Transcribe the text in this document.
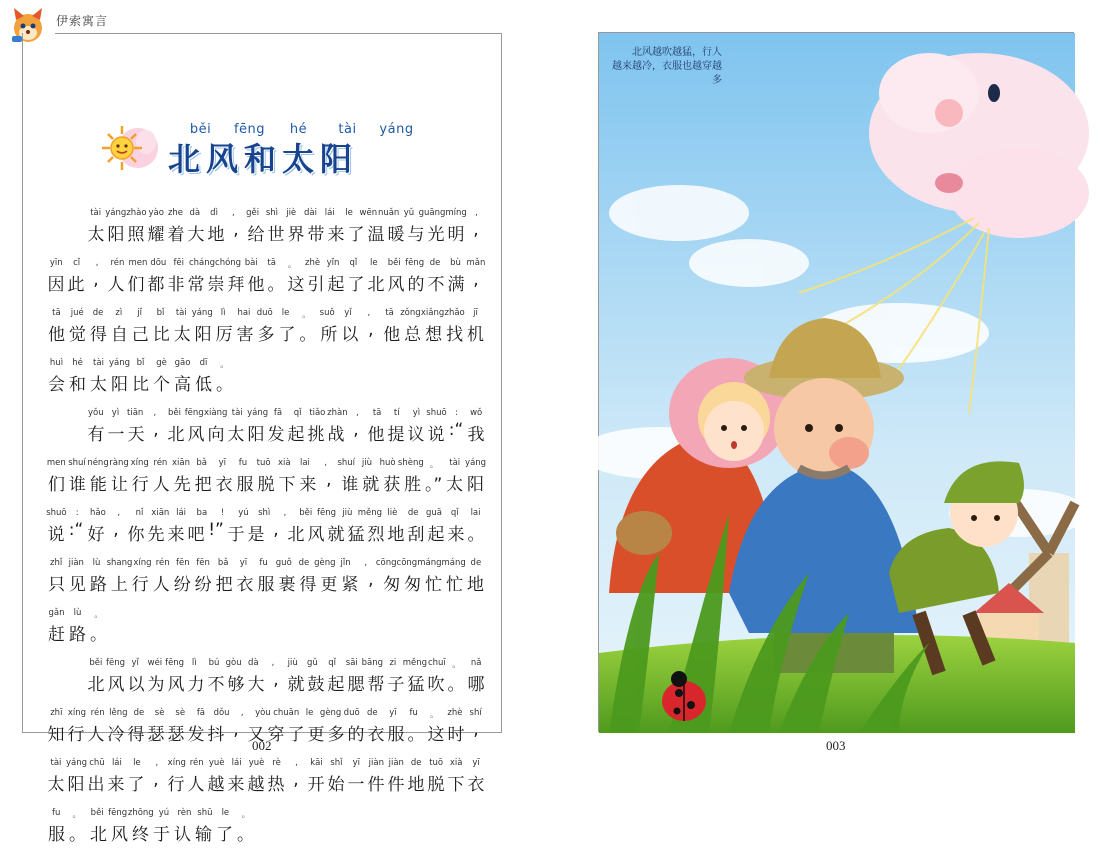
伊索寓言
běi	fēng	hé	tài	yáng
北风和太阳
tài yáng zhào yào zhe dà	dì	,	gěi shì jiè dài lái	le wēn nuǎn yǔ guāng míng ,
太 阳 照 耀 着 大 地 , 给 世 界 带 来 了 温 暖 与 光 明 ,
yīn	cǐ	,	rén men dōu fēi cháng chóng bài	tā	。	zhè yǐn	qǐ	le	běi fēng de	bù mǎn
因 此 , 人 们 都 非 常 崇 拜 他 。 这 引 起 了 北 风 的 不 满 ,
tā	jué	de	zì	jǐ	bǐ	tài yáng lì	hai duō	le	。	suǒ	yǐ	,	tā zǒng xiǎng zhǎo jī
他 觉 得 自 己 比 太 阳 厉 害 多 了 。 所 以 , 他 总 想 找 机
huì	hé	tài yáng bǐ	gè gāo	dī	。
会 和 太 阳 比 个 高 低 。
yǒu yì tiān	,	běi fēng xiàng tài yáng fā	qǐ tiǎo zhàn ,	tā	tí	yì shuō :	wǒ
有 一 天 , 北 风 向 太 阳 发 起 挑 战 , 他 提 议 说 :“ 我
men shuí néng ràng xíng rén xiān bǎ	yī	fu	tuō xià	lai	,	shuí jiù huò shèng 。	tài yáng
们 谁 能 让 行 人 先 把 衣 服 脱 下 来 , 谁 就 获 胜 。” 太 阳
shuō	:	hǎo	,	nǐ xiān lái	ba	!	yú	shì	,	běi fēng jiù měng liè	de guā	qǐ	lai
说 :“ 好 , 你 先 来 吧 !” 于 是 , 北 风 就 猛 烈 地 刮 起 来 。
zhǐ jiàn	lù shang xíng rén fēn fēn bǎ	yī	fu guǒ de gèng jǐn	,	cōng cōng máng máng de
只 见 路 上 行 人 纷 纷 把 衣 服 裹 得 更 紧 , 匆 匆 忙 忙 地
gǎn	lù	。
赶 路 。
běi fēng yǐ	wéi fēng lì	bú gòu dà	,	jiù	gǔ	qǐ	sāi bāng zi měng chuī 。	nǎ
北 风 以 为 风 力 不 够 大 , 就 鼓 起 腮 帮 子 猛 吹 。 哪
zhī xíng rén lěng de	sè	sè	fā	dǒu	,	yòu chuān le gèng duō de	yī	fu	。	zhè shí
知 行 人 冷 得 瑟 瑟 发 抖 , 又 穿 了 更 多 的 衣 服 。 这 时 ,
tài yáng chū lái	le	,	xíng rén yuè lái yuè rè	,	kāi shǐ	yī	jiàn jiàn de tuō xià	yī
太 阳 出 来 了 , 行 人 越 来 越 热 , 开 始 一 件 件 地 脱 下 衣
fu	。	běi fēng zhōng yú rèn shū	le	。
服 。 北 风 终 于 认 输 了 。
002
北风越吹越猛，行人
越来越冷，衣服也越穿越多
003
